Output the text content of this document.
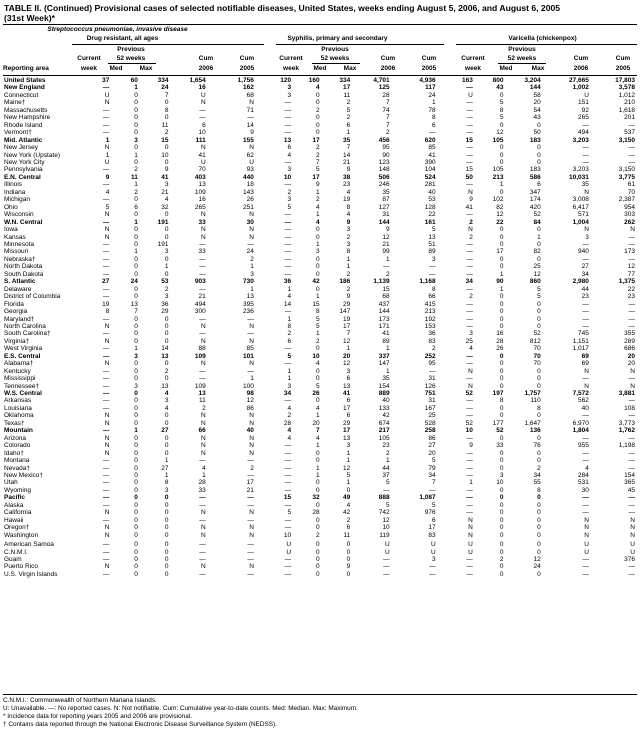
TABLE II. (Continued) Provisional cases of selected notifiable diseases, United States, weeks ending August 5, 2006, and August 6, 2005
(31st Week)*
Streptococcus pneumoniae, invasive disease
Drug resistant, all ages	Syphilis, primary and secondary	Varicella (chickenpox)
Previous	Previous	Previous
Current	52 weeks	Cum	Cum	Current	52 weeks	Cum	Cum	Current	52 weeks	Cum	Cum
Reporting area	week	Med	Max	2006	2005	week	Med	Max	2006	2005	week	Med	Max	2006	2005
United States	37	60	334	1,654	1,756	120	160	334	4,701	4,936	163	800	3,204	27,665	17,803
New England	—	1	24	16	162	3	4	17	125	117	—	43	144	1,002	3,578
Connecticut	U	0	7	U	68	3	0	11	28	24	U	0	58	U	1,012
Maine†	N	0	0	N	N	—	0	2	7	1	—	5	20	151	210
Massachusetts	—	0	8	—	71	—	2	5	74	78	—	8	54	92	1,618
New Hampshire	—	0	0	—	—	—	0	2	7	8	—	5	43	265	201
Rhode Island	—	0	11	6	14	—	0	6	7	6	—	0	0	—	—
Vermont†	—	0	2	10	9	—	0	1	2	—	—	12	50	494	537
Mid. Atlantic	1	3	15	111	155	13	17	35	456	620	15	105	183	3,203	3,150
New Jersey	N	0	0	N	N	6	2	7	95	85	—	0	0	—	—
New York (Upstate)	1	1	10	41	62	4	2	14	90	41	—	0	0	—	—
New York City	U	0	0	U	U	—	7	21	123	390	—	0	0	—	—
Pennsylvania	—	2	9	70	93	3	5	9	148	104	15	105	183	3,203	3,150
E.N. Central	9	11	41	403	440	10	17	38	506	524	50	213	586	10,031	3,775
Illinois	—	1	3	13	18	—	9	23	246	281	—	1	6	35	61
Indiana	4	2	21	109	143	2	1	4	35	40	N	0	347	N	70
Michigan	—	0	4	16	26	3	2	19	87	53	9	102	174	3,008	2,387
Ohio	5	6	32	265	251	5	4	8	127	128	41	82	420	6,417	954
Wisconsin	N	0	0	N	N	—	1	4	31	22	—	12	52	571	303
W.N. Central	—	1	191	33	30	—	4	9	144	161	2	22	84	1,004	262
Iowa	N	0	0	N	N	—	0	3	9	5	N	0	0	N	N
Kansas	N	0	0	N	N	—	0	2	12	13	2	0	1	3	—
Minnesota	—	0	191	—	—	—	1	3	21	51	—	0	0	—	—
Missouri	—	1	3	33	24	—	3	8	99	89	—	17	82	940	173
Nebraska†	—	0	0	—	2	—	0	1	1	3	—	0	0	—	—
North Dakota	—	0	1	—	1	—	0	1	—	—	—	0	25	27	12
South Dakota	—	0	0	—	3	—	0	2	2	—	—	1	12	34	77
S. Atlantic	27	24	53	903	730	36	42	186	1,139	1,168	34	90	860	2,980	1,375
Delaware	—	0	2	—	1	1	0	2	15	8	—	1	5	44	22
District of Columbia	—	0	3	21	13	4	1	9	68	66	2	0	5	23	23
Florida	19	13	36	494	395	14	15	29	437	415	—	0	0	—	—
Georgia	8	7	29	300	236	—	8	147	144	213	—	0	0	—	—
Maryland†	—	0	0	—	—	1	5	19	173	192	—	0	0	—	—
North Carolina	N	0	0	N	N	8	5	17	171	153	—	0	0	—	—
South Carolina†	—	0	0	—	—	2	1	7	41	36	3	16	52	745	355
Virginia†	N	0	0	N	N	6	2	12	89	83	25	28	812	1,151	289
West Virginia	—	1	14	88	85	—	0	1	1	2	4	26	70	1,017	686
E.S. Central	—	3	13	109	101	5	10	20	337	252	—	0	70	69	20
Alabama†	N	0	0	N	N	—	4	12	147	95	—	0	70	69	20
Kentucky	—	0	2	—	—	1	0	3	1	—	N	0	0	N	N
Mississippi	—	0	0	—	1	1	0	6	35	31	—	0	0	—	—
Tennessee†	—	3	13	109	100	3	5	13	154	126	N	0	0	N	N
W.S. Central	—	0	4	13	98	34	26	41	889	751	52	197	1,757	7,572	3,881
Arkansas	—	0	3	11	12	—	0	6	40	31	—	8	110	562	—
Louisiana	—	0	4	2	86	4	4	17	133	167	—	0	8	40	108
Oklahoma	N	0	0	N	N	2	1	6	42	25	—	0	0	—	—
Texas†	N	0	0	N	N	28	20	29	674	528	52	177	1,647	6,970	3,773
Mountain	—	1	27	66	40	4	7	17	217	258	10	52	136	1,804	1,762
Arizona	N	0	0	N	N	4	4	13	105	86	—	0	0	—	—
Colorado	N	0	0	N	N	—	1	3	23	27	9	33	76	955	1,198
Idaho†	N	0	0	N	N	—	0	1	2	20	—	0	0	—	—
Montana	—	0	1	—	—	—	0	1	1	5	—	0	0	—	—
Nevada†	—	0	27	4	2	—	1	12	44	79	—	0	2	4	—
New Mexico†	—	0	1	1	—	—	1	5	37	34	—	3	34	284	154
Utah	—	0	8	28	17	—	0	1	5	7	1	10	55	531	365
Wyoming	—	0	3	33	21	—	0	0	—	—	—	0	8	30	45
Pacific	—	0	0	—	—	15	32	49	888	1,087	—	0	0	—	—
Alaska	—	0	0	—	—	—	0	4	5	5	—	0	0	—	—
California	N	0	0	N	N	5	28	42	742	976	—	0	0	—	—
Hawaii	—	0	0	—	—	—	0	2	12	6	N	0	0	N	N
Oregon†	N	0	0	N	N	—	0	6	10	17	N	0	0	N	N
Washington	N	0	0	N	N	10	2	11	119	83	N	0	0	N	N
American Samoa	—	0	0	—	—	U	0	0	U	U	U	0	0	U	U
C.N.M.I.	—	0	0	—	—	U	0	0	U	U	U	0	0	U	U
Guam	—	0	0	—	—	—	0	0	—	3	—	2	12	—	376
Puerto Rico	N	0	0	N	N	—	0	9	—	—	—	0	24	—	—
U.S. Virgin Islands	—	0	0	—	—	—	0	0	—	—	—	0	0	—	—
C.N.M.I.: Commonwealth of Northern Mariana Islands.
U: Unavailable. —: No reported cases. N: Not notifiable. Cum: Cumulative year-to-date counts. Med: Median. Max: Maximum.
* Incidence data for reporting years 2005 and 2006 are provisional.
† Contains data reported through the National Electronic Disease Surveillance System (NEDSS).
